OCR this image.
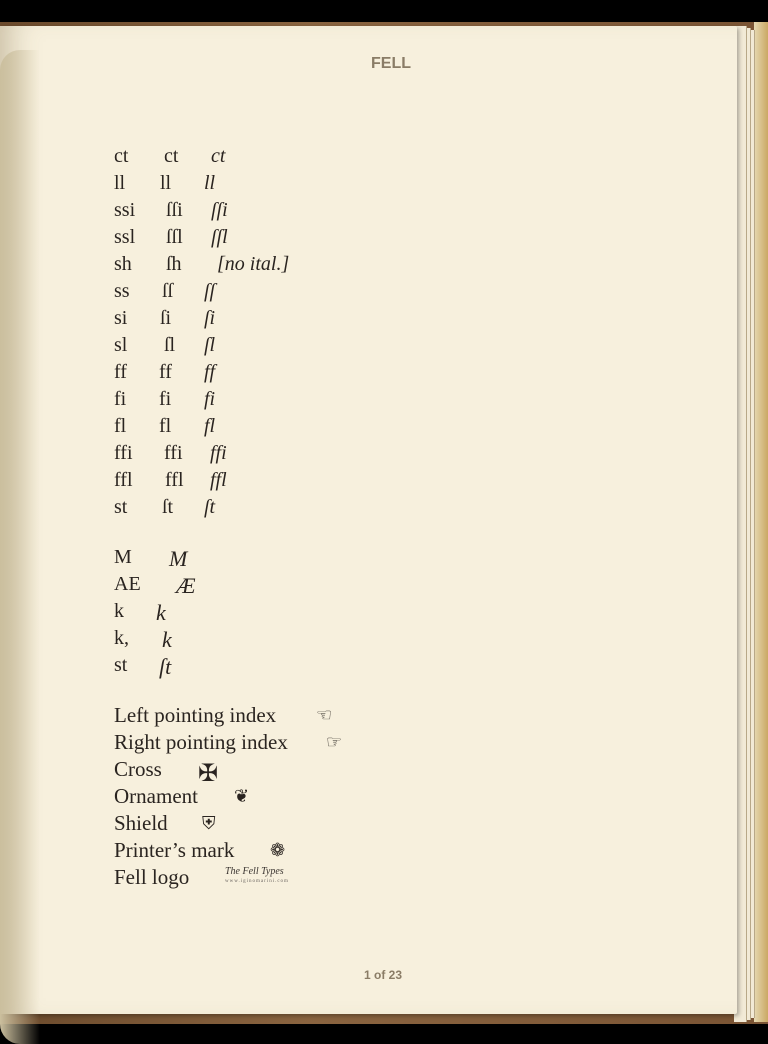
FELL
ct ct ct
ll ll ll
ssi ſſi ſſi
ssl ſſl ſſl
sh ſh [no ital.]
ss ſſ ſſ
si ſi ſi
sl ſl ſl
ff ff ff
fi fi fi
fl fl fl
ffi ffi ffi
ffl ffl ffl
st ſt ſt
M M
AE Æ
k k
k, k
st ſt
Left pointing index ☜
Right pointing index ☞
Cross ✠
Ornament ❦
Shield ⛨
Printer’s mark ❁
Fell logo	The Fell Types
www.iginomarini.com
1 of 23
